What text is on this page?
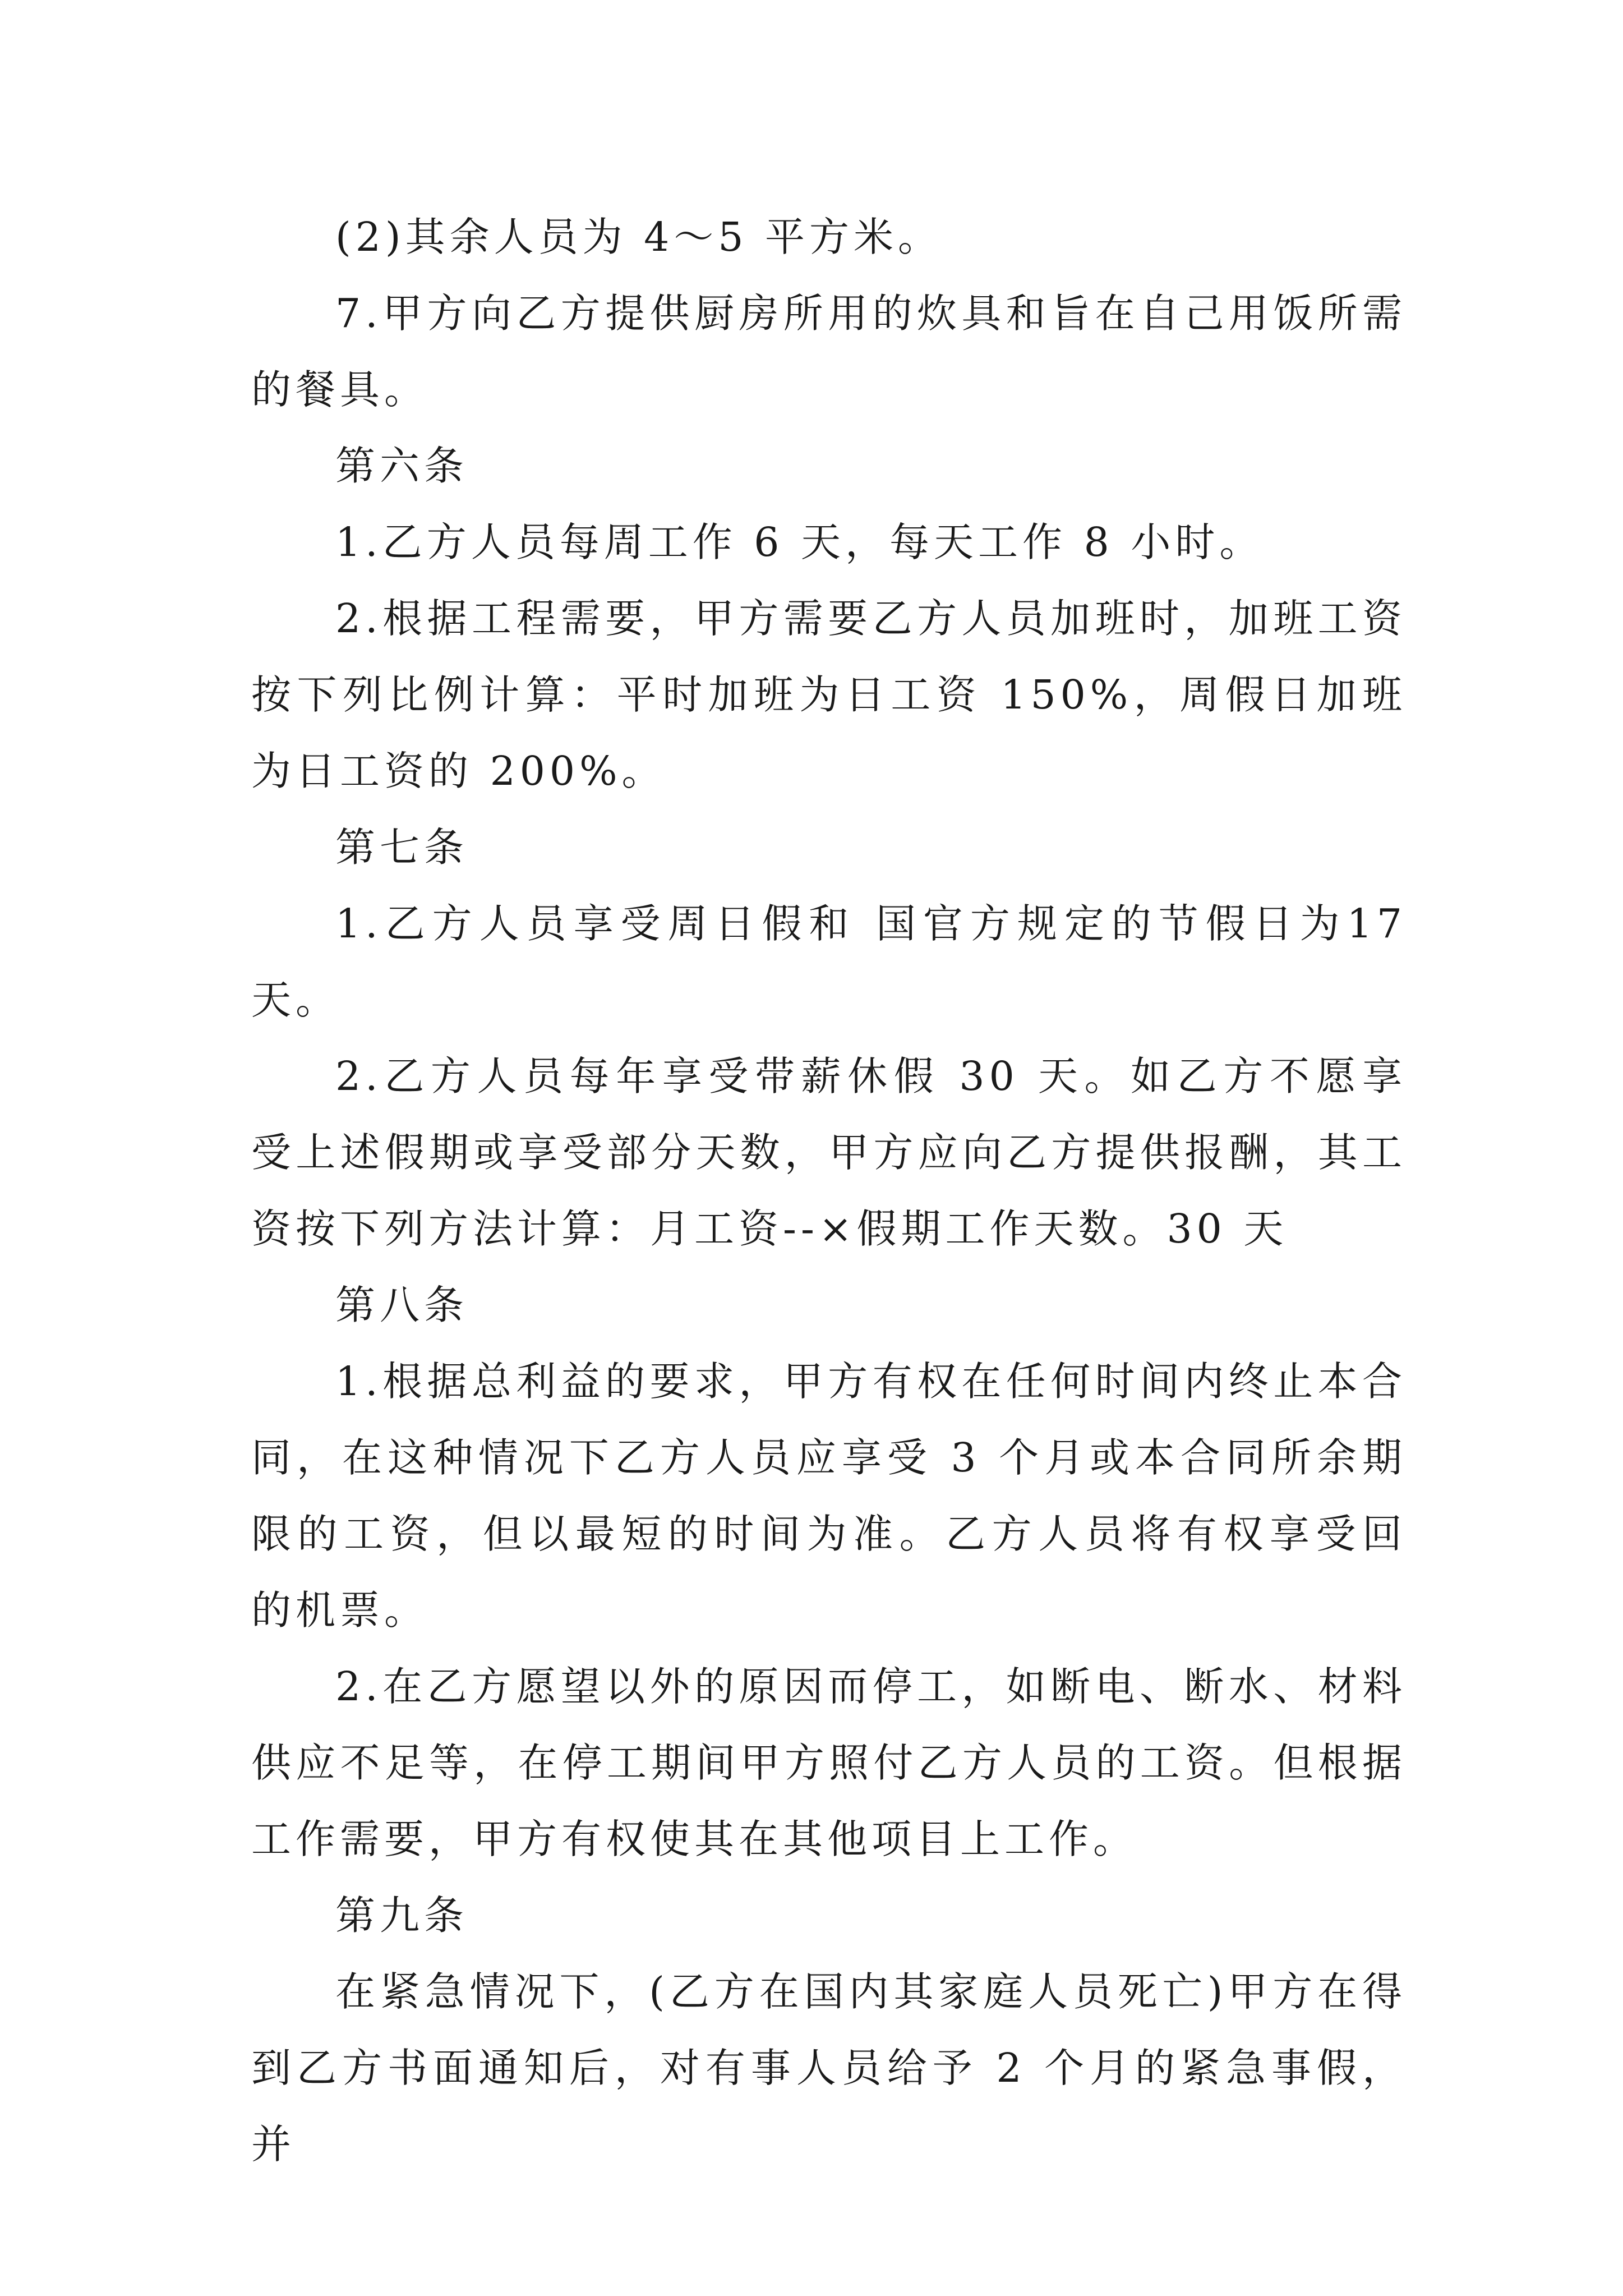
(2)其余人员为 4～5 平方米。

7.甲方向乙方提供厨房所用的炊具和旨在自己用饭所需的餐具。

第六条

1.乙方人员每周工作 6 天，每天工作 8 小时。

2.根据工程需要，甲方需要乙方人员加班时，加班工资按下列比例计算：平时加班为日工资 150%，周假日加班为日工资的 200%。

第七条

1.乙方人员享受周日假和 国官方规定的节假日为17天。

2.乙方人员每年享受带薪休假 30 天。如乙方不愿享受上述假期或享受部分天数，甲方应向乙方提供报酬，其工资按下列方法计算：月工资--×假期工作天数。30 天

第八条

1.根据总利益的要求，甲方有权在任何时间内终止本合同，在这种情况下乙方人员应享受 3 个月或本合同所余期限的工资，但以最短的时间为准。乙方人员将有权享受回 的机票。

2.在乙方愿望以外的原因而停工，如断电、断水、材料供应不足等，在停工期间甲方照付乙方人员的工资。但根据工作需要，甲方有权使其在其他项目上工作。

第九条

在紧急情况下，(乙方在国内其家庭人员死亡)甲方在得到乙方书面通知后，对有事人员给予 2 个月的紧急事假，并
